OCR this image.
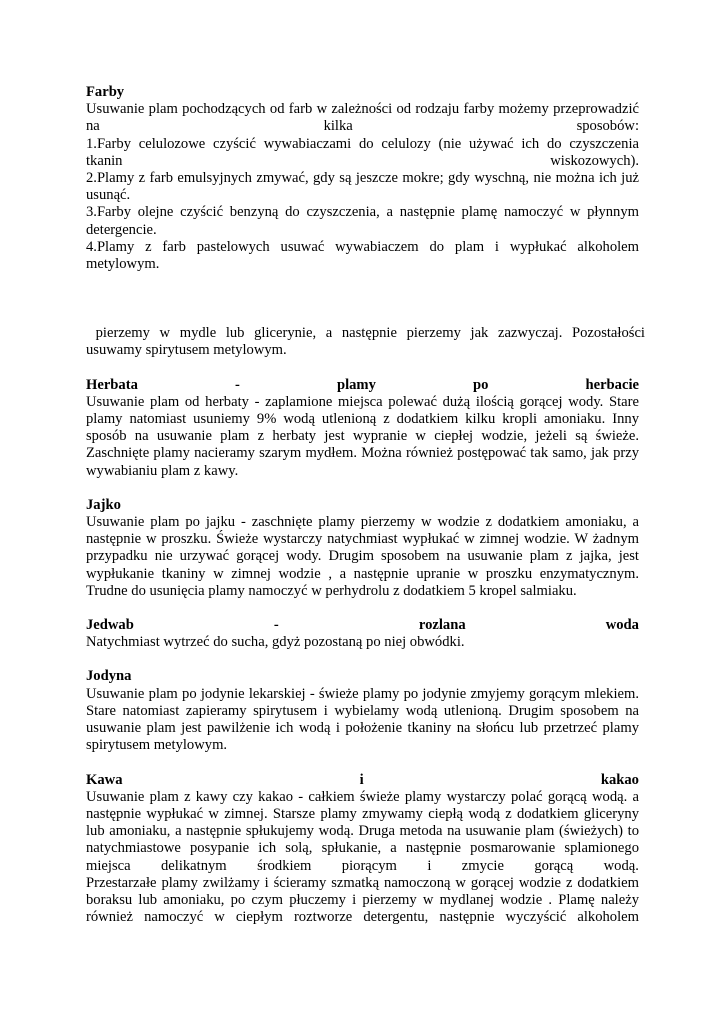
Farby
Usuwanie plam pochodzących od farb w zależności od rodzaju farby możemy przeprowadzić
na	kilka	sposobów:
1.Farby celulozowe czyścić wywabiaczami do celulozy (nie używać ich do czyszczenia
tkanin	wiskozowych).
2.Plamy z farb emulsyjnych zmywać, gdy są jeszcze mokre; gdy wyschną, nie można ich już
usunąć.
3.Farby olejne czyścić benzyną do czyszczenia, a następnie plamę namoczyć w płynnym
detergencie.
4.Plamy z farb pastelowych usuwać wywabiaczem do plam i wypłukać alkoholem
metylowym.
pierzemy w mydle lub glicerynie, a następnie pierzemy jak zazwyczaj. Pozostałości
usuwamy spirytusem metylowym.
Herbata	-	plamy	po	herbacie
Usuwanie plam od herbaty - zaplamione miejsca polewać dużą ilością gorącej wody. Stare
plamy natomiast usuniemy 9% wodą utlenioną z dodatkiem kilku kropli amoniaku. Inny
sposób na usuwanie plam z herbaty jest wypranie w ciepłej wodzie, jeżeli są świeże.
Zaschnięte plamy nacieramy szarym mydłem. Można również postępować tak samo, jak przy
wywabianiu plam z kawy.
Jajko
Usuwanie plam po jajku - zaschnięte plamy pierzemy w wodzie z dodatkiem amoniaku, a
następnie w proszku. Świeże wystarczy natychmiast wypłukać w zimnej wodzie. W żadnym
przypadku nie urzywać gorącej wody. Drugim sposobem na usuwanie plam z jajka, jest
wypłukanie tkaniny w zimnej wodzie , a następnie upranie w proszku enzymatycznym.
Trudne do usunięcia plamy namoczyć w perhydrolu z dodatkiem 5 kropel salmiaku.
Jedwab	-	rozlana	woda
Natychmiast wytrzeć do sucha, gdyż pozostaną po niej obwódki.
Jodyna
Usuwanie plam po jodynie lekarskiej - świeże plamy po jodynie zmyjemy gorącym mlekiem.
Stare natomiast zapieramy spirytusem i wybielamy wodą utlenioną. Drugim sposobem na
usuwanie plam jest pawilżenie ich wodą i położenie tkaniny na słońcu lub przetrzeć plamy
spirytusem metylowym.
Kawa	i	kakao
Usuwanie plam z kawy czy kakao - całkiem świeże plamy wystarczy polać gorącą wodą. a
następnie wypłukać w zimnej. Starsze plamy zmywamy ciepłą wodą z dodatkiem gliceryny
lub amoniaku, a następnie spłukujemy wodą. Druga metoda na usuwanie plam (świeżych) to
natychmiastowe posypanie ich solą, spłukanie, a następnie posmarowanie splamionego
miejsca delikatnym środkiem piorącym i zmycie gorącą wodą.
Przestarzałe plamy zwilżamy i ścieramy szmatką namoczoną w gorącej wodzie z dodatkiem
boraksu lub amoniaku, po czym płuczemy i pierzemy w mydlanej wodzie . Plamę należy
również namoczyć w ciepłym roztworze detergentu, następnie wyczyścić alkoholem
